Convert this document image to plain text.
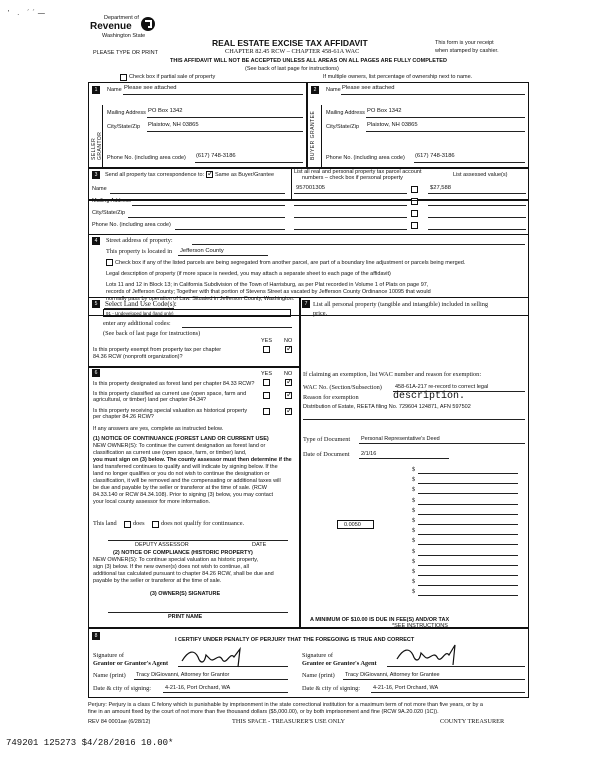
' . ´´—
Department of
Revenue
Washington State
PLEASE TYPE OR PRINT
REAL ESTATE EXCISE TAX AFFIDAVIT
CHAPTER 82.45 RCW – CHAPTER 458-61A WAC
This form is your receipt
when stamped by cashier.
THIS AFFIDAVIT WILL NOT BE ACCEPTED UNLESS ALL AREAS ON ALL PAGES ARE FULLY COMPLETED
(See back of last page for instructions)
Check box if partial sale of property	If multiple owners, list percentage of ownership next to name.
1	2
SELLER GRANTOR	BUYER GRANTEE
Name Please see attached
Mailing Address PO Box 1342
City/State/Zip Plaistow, NH 03865
Phone No. (including area code) (617) 748-3186
Name Please see attached
Mailing Address PO Box 1342
City/State/Zip Plaistow, NH 03865
Phone No. (including area code) (617) 748-3186
3	Send all property tax correspondence to:
✓ Same as Buyer/Grantee
Name
Mailing Address
City/State/Zip
Phone No. (including area code)
List all real and personal property tax parcel account
numbers – check box if personal property	List assessed value(s)
957001305	$27,588
4	Street address of property:
This property is located in Jefferson County
Check box if any of the listed parcels are being segregated from another parcel, are part of a boundary line adjustment or parcels being merged.
Legal description of property (if more space is needed, you may attach a separate sheet to each page of the affidavit)
Lots 11 and 12 in Block 13; in California Subdivision of the Town of Harrisburg, as per Plat recorded in Volume 1 of Plats on page 97,
records of Jefferson County; Together with that portion of Stevens Street as vacated by Jefferson County Ordinance 10095 that would
normally pass by operation of Law. Situated in Jefferson County, Washington.
5	Select Land Use Code(s):
91 - Undeveloped land (land only)
enter any additional codes:
(See back of last page for instructions)
YES NO
Is this property exempt from property tax per chapter
84.36 RCW (nonprofit organization)?
✓
6	YES NO
Is this property designated as forest land per chapter 84.33 RCW?
✓
Is this property classified as current use (open space, farm and
agricultural, or timber) land per chapter 84.34?
✓
Is this property receiving special valuation as historical property
per chapter 84.26 RCW?
✓
If any answers are yes, complete as instructed below.
(1) NOTICE OF CONTINUANCE (FOREST LAND OR CURRENT USE)
NEW OWNER(S): To continue the current designation as forest land or
classification as current use (open space, farm, or timber) land,
you must sign on (3) below. The county assessor must then determine if the
land transferred continues to qualify and will indicate by signing below. If the
land no longer qualifies or you do not wish to continue the designation or
classification, it will be removed and the compensating or additional taxes will
be due and payable by the seller or transferor at the time of sale. (RCW
84.33.140 or RCW 84.34.108). Prior to signing (3) below, you may contact
your local county assessor for more information.
This land	does	does not qualify for continuance.
DEPUTY ASSESSOR	DATE
(2) NOTICE OF COMPLIANCE (HISTORIC PROPERTY)
NEW OWNER(S): To continue special valuation as historic property,
sign (3) below. If the new owner(s) does not wish to continue, all
additional tax calculated pursuant to chapter 84.26 RCW, shall be due and
payable by the seller or transferor at the time of sale.
(3) OWNER(S) SIGNATURE
PRINT NAME
7 List all personal property (tangible and intangible) included in selling
price.
If claiming an exemption, list WAC number and reason for exemption:
WAC No. (Section/Subsection) 458-61A-217 re-record to correct legal
Reason for exemption	description.
Distribution of Estate, REETA filing No. 729604 124871, AFN 597502
Type of Document Personal Representative's Deed
Date of Document 2/1/16
$
$
$
$
$
$
$
$
$
$
$
$
$
0.0050
A MINIMUM OF $10.00 IS DUE IN FEE(S) AND/OR TAX
*SEE INSTRUCTIONS
8
I CERTIFY UNDER PENALTY OF PERJURY THAT THE FOREGOING IS TRUE AND CORRECT
Signature of
Grantor or Grantor's Agent
Signature of
Grantee or Grantee's Agent
Name (print) Tracy DiGiovanni, Attorney for Grantor	Name (print) Tracy DiGiovanni, Attorney for Grantee
Date & city of signing:	4-21-16, Port Orchard, WA	Date & city of signing: 4-21-16, Port Orchard, WA
Perjury: Perjury is a class C felony which is punishable by imprisonment in the state correctional institution for a maximum term of not more than five years, or by a
fine in an amount fixed by the court of not more than five thousand dollars ($5,000.00), or by both imprisonment and fine (RCW 9A.20.020 (1C)).
REV 84 0001ae (6/28/12)	THIS SPACE - TREASURER'S USE ONLY	COUNTY TREASURER
749201 125273 $4/28/2016 10.00*
